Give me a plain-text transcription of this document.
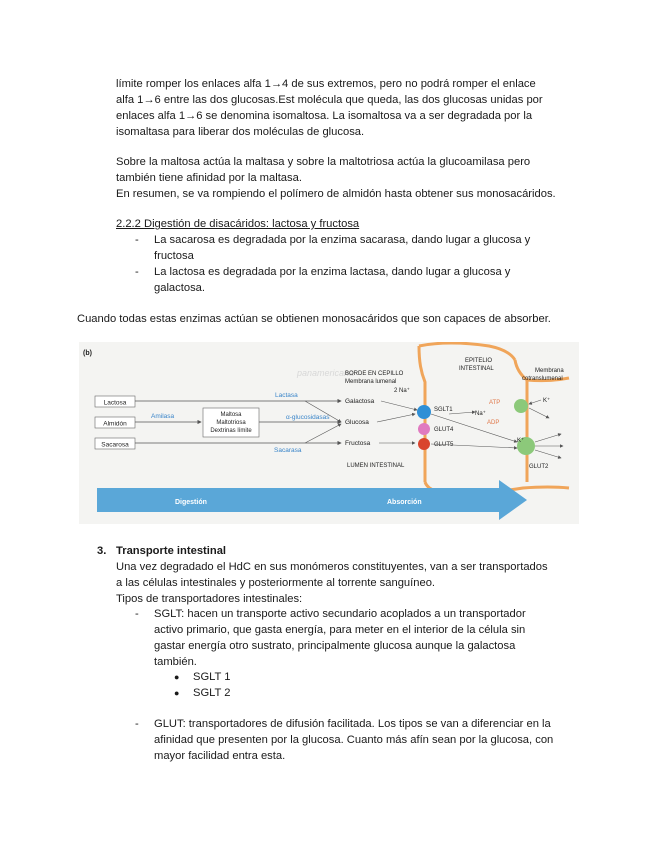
límite romper los enlaces alfa 1→4 de sus extremos, pero no podrá romper el enlace
alfa 1→6 entre las dos glucosas.Est molécula que queda, las dos glucosas unidas por
enlaces alfa 1→6 se denomina isomaltosa. La isomaltosa va a ser degradada por la
isomaltasa para liberar dos moléculas de glucosa.
Sobre la maltosa actúa la maltasa y sobre la maltotriosa actúa la glucoamilasa pero
también tiene afinidad por la maltasa.
En resumen, se va rompiendo el polímero de almidón hasta obtener sus monosacáridos.
2.2.2 Digestión de disacáridos: lactosa y fructosa
- La sacarosa es degradada por la enzima sacarasa, dando lugar a glucosa y
fructosa
- La lactosa es degradada por la enzima lactasa, dando lugar a glucosa y
galactosa.
Cuando todas estas enzimas actúan se obtienen monosacáridos que son capaces de absorber.
(b)
panamericana
Lactosa
Almidón
Sacarosa
Maltosa
Maltotriosa
Dextrinas límite
Lactasa
Amilasa	α-glucosidasas
Sacarasa
Galactosa
Glucosa
Fructosa
BORDE EN CEPILLO
Membrana lumenal
2 Na⁺
EPITELIO
INTESTINAL	Membrana
cotranslumenal
SGLT1
GLUT4
GLUT5
GLUT2
ATP
ADP
Na⁺
K⁺
K⁺
LUMEN INTESTINAL
Digestión	Absorción
3. Transporte intestinal
Una vez degradado el HdC en sus monómeros constituyentes, van a ser transportados
a las células intestinales y posteriormente al torrente sanguíneo.
Tipos de transportadores intestinales:
- SGLT: hacen un transporte activo secundario acoplados a un transportador
activo primario, que gasta energía, para meter en el interior de la célula sin
gastar energía otro sustrato, principalmente glucosa aunque la galactosa
también.
● SGLT 1
● SGLT 2
- GLUT: transportadores de difusión facilitada. Los tipos se van a diferenciar en la
afinidad que presenten por la glucosa. Cuanto más afín sean por la glucosa, con
mayor facilidad entra esta.
